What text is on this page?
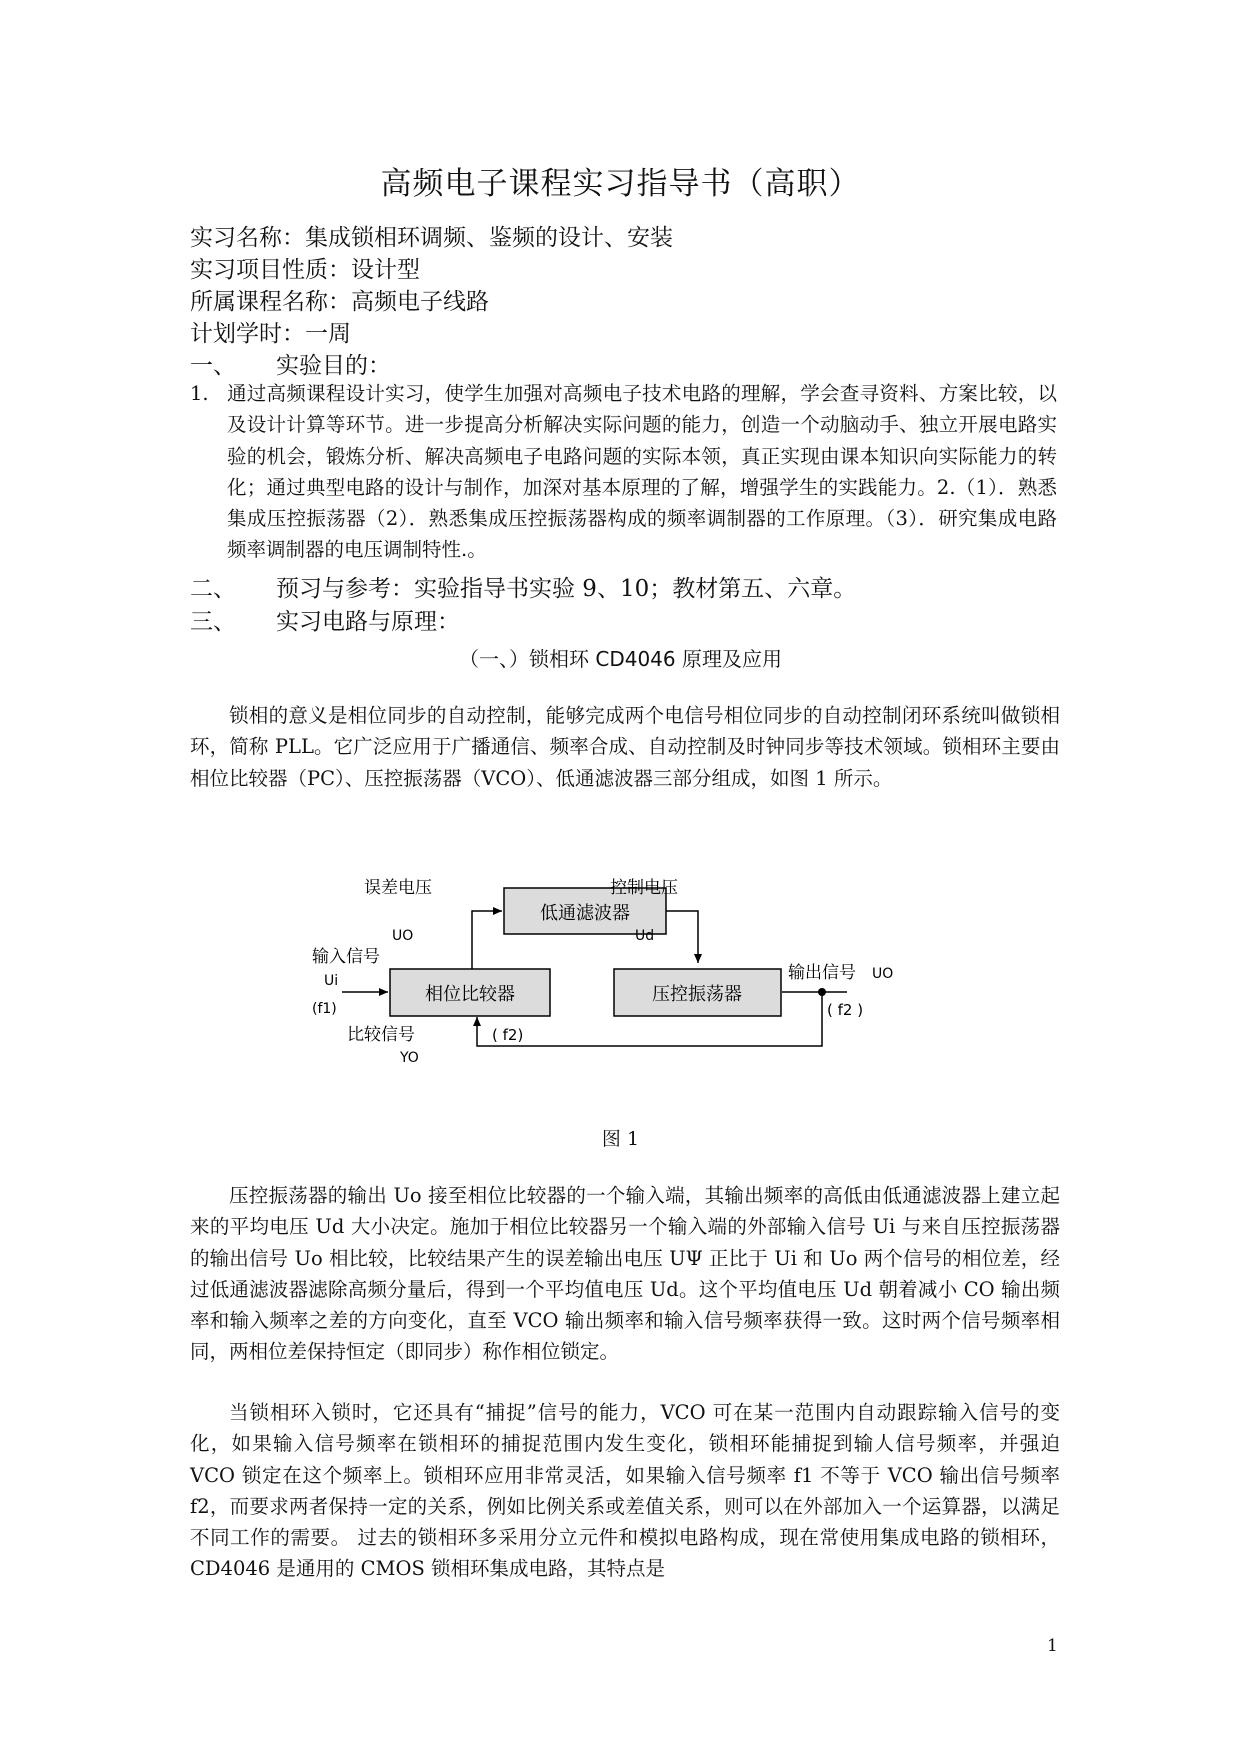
高频电子课程实习指导书（高职）
实习名称：集成锁相环调频、鉴频的设计、安装
实习项目性质：设计型
所属课程名称：高频电子线路
计划学时：一周
一、 实验目的：
1. 通过高频课程设计实习，使学生加强对高频电子技术电路的理解，学会查寻资料、方案比较，以及设计计算等环节。进一步提高分析解决实际问题的能力，创造一个动脑动手、独立开展电路实验的机会，锻炼分析、解决高频电子电路问题的实际本领，真正实现由课本知识向实际能力的转化；通过典型电路的设计与制作，加深对基本原理的了解，增强学生的实践能力。2.（1）．熟悉集成压控振荡器（2）．熟悉集成压控振荡器构成的频率调制器的工作原理。（3）．研究集成电路频率调制器的电压调制特性.。
二、 预习与参考：实验指导书实验 9、10；教材第五、六章。
三、 实习电路与原理：
（一、）锁相环 CD4046 原理及应用

锁相的意义是相位同步的自动控制，能够完成两个电信号相位同步的自动控制闭环系统叫做锁相环，简称 PLL。它广泛应用于广播通信、频率合成、自动控制及时钟同步等技术领域。锁相环主要由相位比较器（PC）、压控振荡器（VCO）、低通滤波器三部分组成，如图 1 所示。

低通滤波器
相位比较器	压控振荡器
误差电压
UO
控制电压
Ud
输入信号
Ui
(f1)
输出信号 UO
( f2 )
比较信号	( f2)
YO
图 1

压控振荡器的输出 Uo 接至相位比较器的一个输入端，其输出频率的高低由低通滤波器上建立起来的平均电压 Ud 大小决定。施加于相位比较器另一个输入端的外部输入信号 Ui 与来自压控振荡器的输出信号 Uo 相比较，比较结果产生的误差输出电压 UΨ 正比于 Ui 和 Uo 两个信号的相位差，经过低通滤波器滤除高频分量后，得到一个平均值电压 Ud。这个平均值电压 Ud 朝着减小 CO 输出频率和输入频率之差的方向变化，直至 VCO 输出频率和输入信号频率获得一致。这时两个信号频率相同，两相位差保持恒定（即同步）称作相位锁定。

当锁相环入锁时，它还具有“捕捉”信号的能力，VCO 可在某一范围内自动跟踪输入信号的变化，如果输入信号频率在锁相环的捕捉范围内发生变化，锁相环能捕捉到输人信号频率，并强迫 VCO 锁定在这个频率上。锁相环应用非常灵活，如果输入信号频率 f1 不等于 VCO 输出信号频率 f2，而要求两者保持一定的关系，例如比例关系或差值关系，则可以在外部加入一个运算器，以满足不同工作的需要。 过去的锁相环多采用分立元件和模拟电路构成，现在常使用集成电路的锁相环，CD4046 是通用的 CMOS 锁相环集成电路，其特点是

1
